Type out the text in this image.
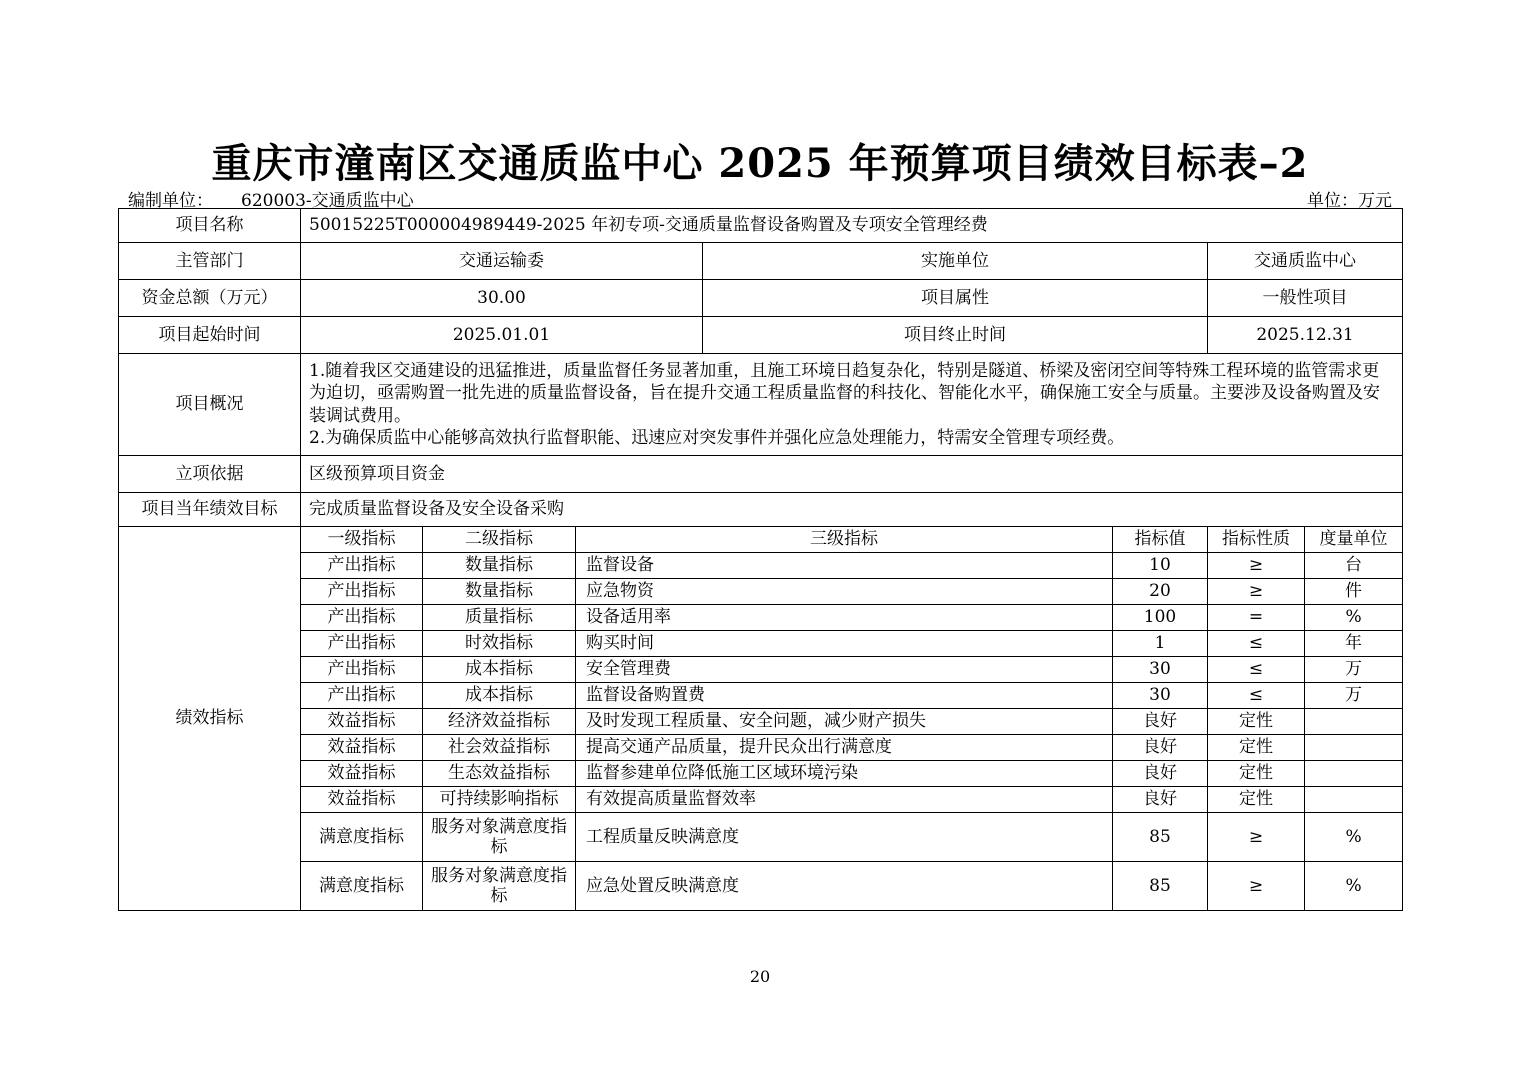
重庆市潼南区交通质监中心 2025 年预算项目绩效目标表–2
编制单位： 620003-交通质监中心	单位：万元
项目名称	50015225T000004989449-2025 年初专项-交通质量监督设备购置及专项安全管理经费						
主管部门	交通运输委			实施单位		交通质监中心	
资金总额（万元）	30.00			项目属性		一般性项目	
项目起始时间	2025.01.01			项目终止时间		2025.12.31	
项目概况	1.随着我区交通建设的迅猛推进，质量监督任务显著加重，且施工环境日趋复杂化，特别是隧道、桥梁及密闭空间等特殊工程环境的监管需求更为迫切，亟需购置一批先进的质量监督设备，旨在提升交通工程质量监督的科技化、智能化水平，确保施工安全与质量。主要涉及设备购置及安装调试费用。

2.为确保质监中心能够高效执行监督职能、迅速应对突发事件并强化应急处理能力，特需安全管理专项经费。						

立项依据	区级预算项目资金						
项目当年绩效目标	完成质量监督设备及安全设备采购						
绩效指标	一级指标	二级指标	三级指标		指标值	指标性质	度量单位
	产出指标	数量指标	监督设备		10	≥	台
	产出指标	数量指标	应急物资		20	≥	件
	产出指标	质量指标	设备适用率		100	=	%
	产出指标	时效指标	购买时间		1	≤	年
	产出指标	成本指标	安全管理费		30	≤	万
	产出指标	成本指标	监督设备购置费		30	≤	万
	效益指标	经济效益指标	及时发现工程质量、安全问题，减少财产损失		良好	定性	
	效益指标	社会效益指标	提高交通产品质量，提升民众出行满意度		良好	定性	
	效益指标	生态效益指标	监督参建单位降低施工区域环境污染		良好	定性	
	效益指标	可持续影响指标	有效提高质量监督效率		良好	定性	
	满意度指标	服务对象满意度指标	工程质量反映满意度		85	≥	%
	满意度指标	服务对象满意度指标	应急处置反映满意度		85	≥	%
20
